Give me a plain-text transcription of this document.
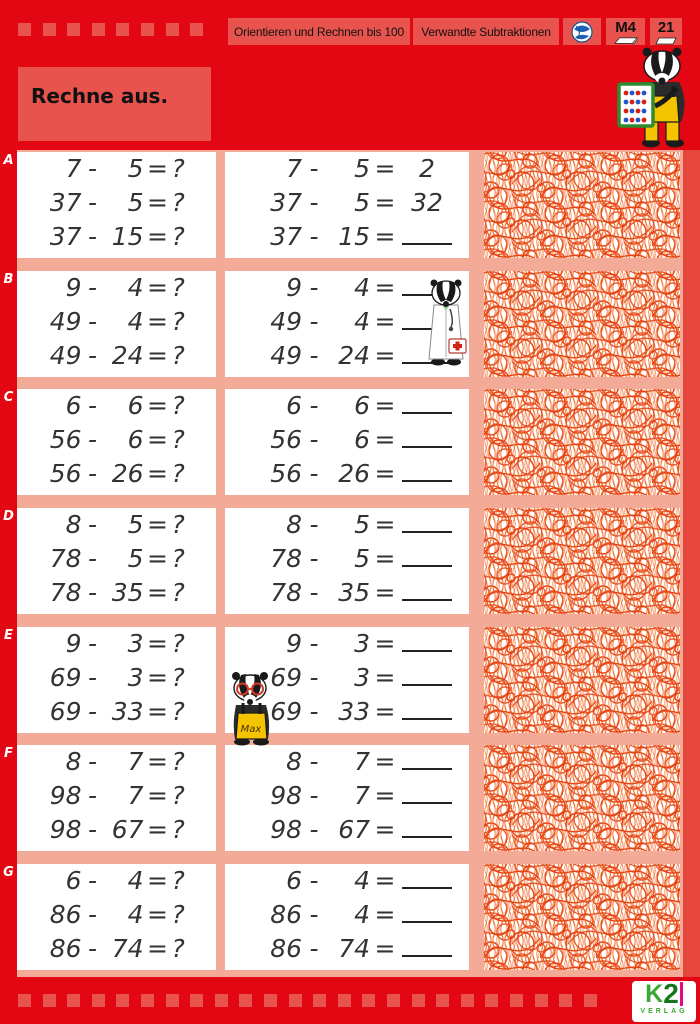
Orientieren und Rechnen bis 100 Verwandte Subtraktionen	M4 21
Rechne aus.
A	7 -	5 = ?
37 -	5 = ?
37 - 15 = ?
7 -	5 = 2
37 -	5 = 32
37 - 15 =
B	9 -	4 = ?
49 -	4 = ?
49 - 24 = ?
9 -	4 =
49 -	4 =
49 - 24 =
C	6 -	6 = ?
56 -	6 = ?
56 - 26 = ?
6 -	6 =
56 -	6 =
56 - 26 =
D	8 -	5 = ?
78 -	5 = ?
78 - 35 = ?
8 -	5 =
78 -	5 =
78 - 35 =
E	9 -	3 = ?
69 -	3 = ?
69 - 33 = ?
9 -	3 =
69 -	3 =
69 - 33 =
F	8 -	7 = ?
98 -	7 = ?
98 - 67 = ?
8 -	7 =
98 -	7 =
98 - 67 =
G	6 -	4 = ?
86 -	4 = ?
86 - 74 = ?
6 -	4 =
86 -	4 =
86 - 74 =
Max
K 2
VERLAG
